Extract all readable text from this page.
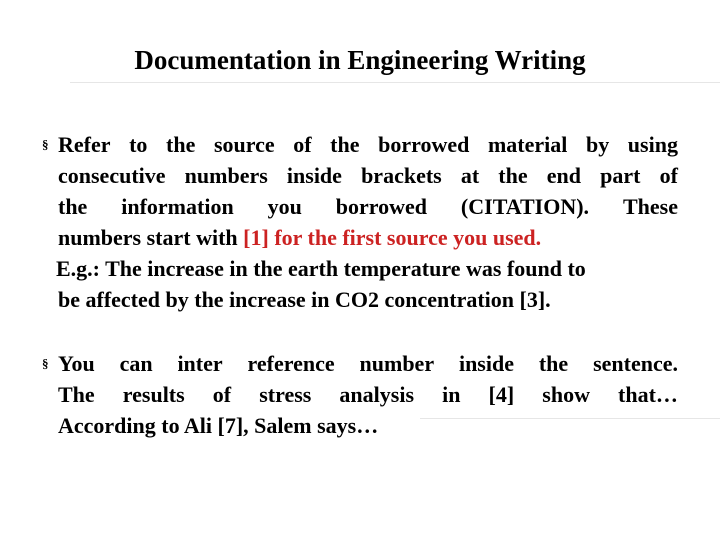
Documentation in Engineering Writing
§ Refer to the source of the borrowed material by using
consecutive numbers inside brackets at the end part of
the information you borrowed (CITATION). These
numbers start with [1] for the first source you used.
E.g.: The increase in the earth temperature was found to
be affected by the increase in CO2 concentration [3].
§ You can inter reference number inside the sentence.
The results of stress analysis in [4] show that…
According to Ali [7], Salem says…
